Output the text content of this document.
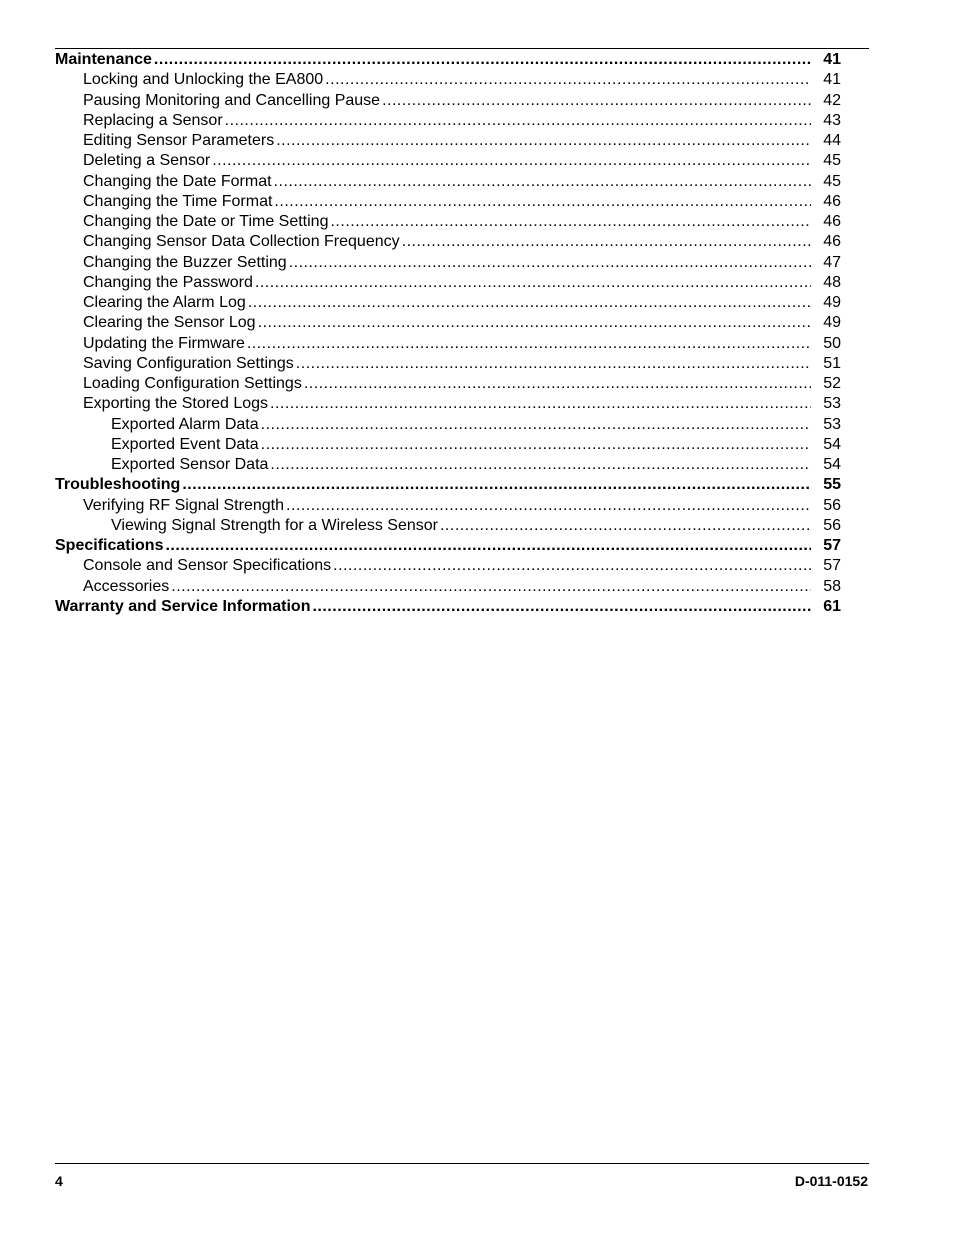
Maintenance .....	41
Locking and Unlocking the EA800 .....	41
Pausing Monitoring and Cancelling Pause .....	42
Replacing a Sensor .....	43
Editing Sensor Parameters .....	44
Deleting a Sensor .....	45
Changing the Date Format .....	45
Changing the Time Format .....	46
Changing the Date or Time Setting .....	46
Changing Sensor Data Collection Frequency .....	46
Changing the Buzzer Setting .....	47
Changing the Password .....	48
Clearing the Alarm Log .....	49
Clearing the Sensor Log .....	49
Updating the Firmware .....	50
Saving Configuration Settings .....	51
Loading Configuration Settings .....	52
Exporting the Stored Logs .....	53
Exported Alarm Data .....	53
Exported Event Data .....	54
Exported Sensor Data .....	54
Troubleshooting .....	55
Verifying RF Signal Strength .....	56
Viewing Signal Strength for a Wireless Sensor .....	56
Specifications .....	57
Console and Sensor Specifications .....	57
Accessories .....	58
Warranty and Service Information .....	61
4	D-011-0152
